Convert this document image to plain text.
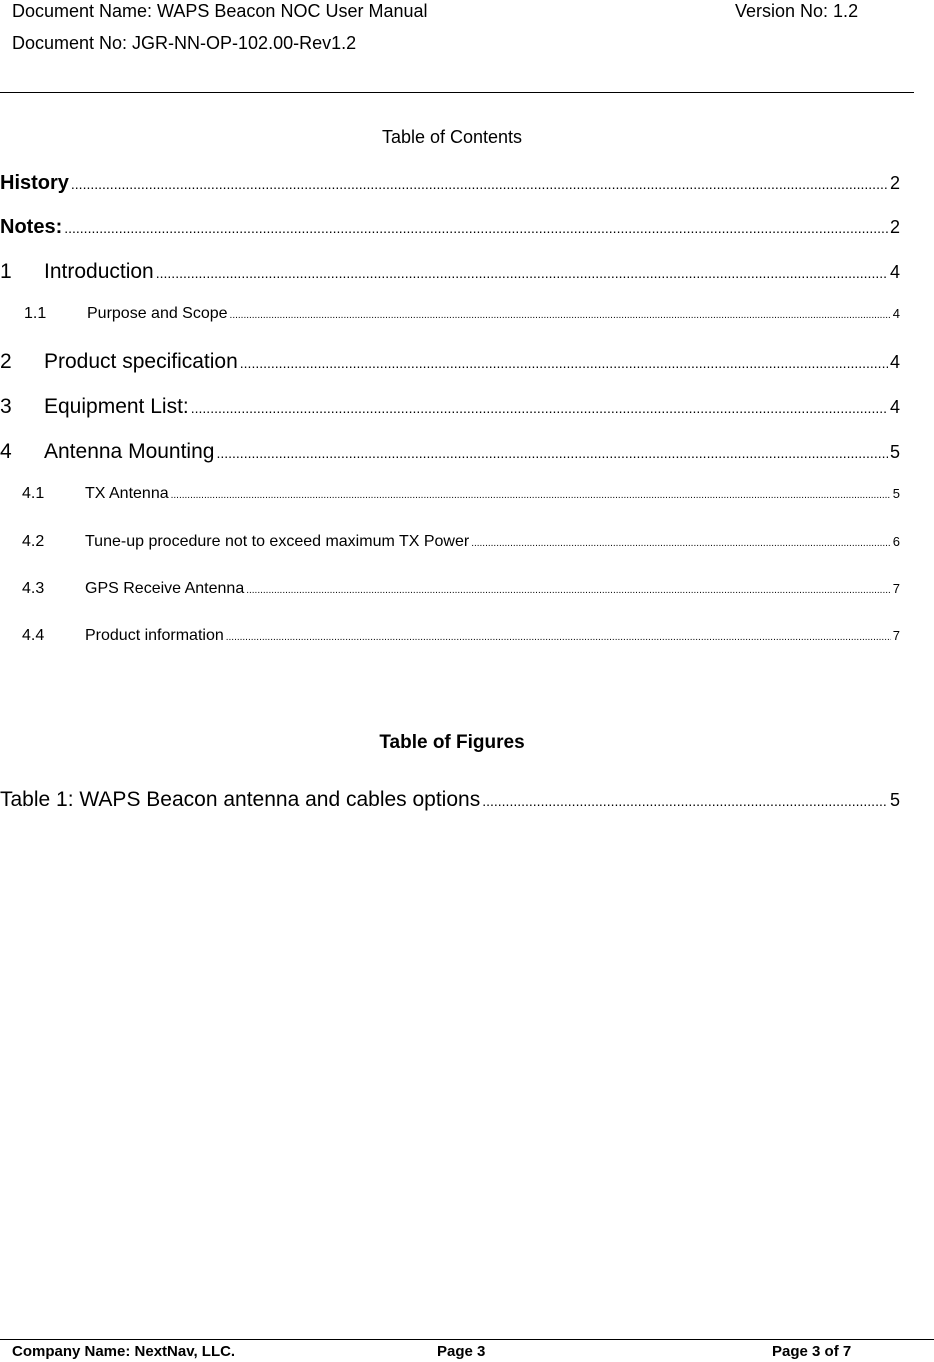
Document Name: WAPS Beacon NOC User Manual	Version No: 1.2
Document No: JGR-NN-OP-102.00-Rev1.2
Table of Contents
History .....	2
Notes: .....	2
1	Introduction .....	4
1.1	Purpose and Scope .....	4
2	Product specification .....	4
3	Equipment List: .....	4
4	Antenna Mounting .....	5
4.1	TX Antenna .....	5
4.2	Tune-up procedure not to exceed maximum TX Power .....	6
4.3	GPS Receive Antenna .....	7
4.4	Product information .....	7
Table of Figures
Table 1: WAPS Beacon antenna and cables options .....	5
Company Name: NextNav, LLC.	Page 3	Page 3 of 7
